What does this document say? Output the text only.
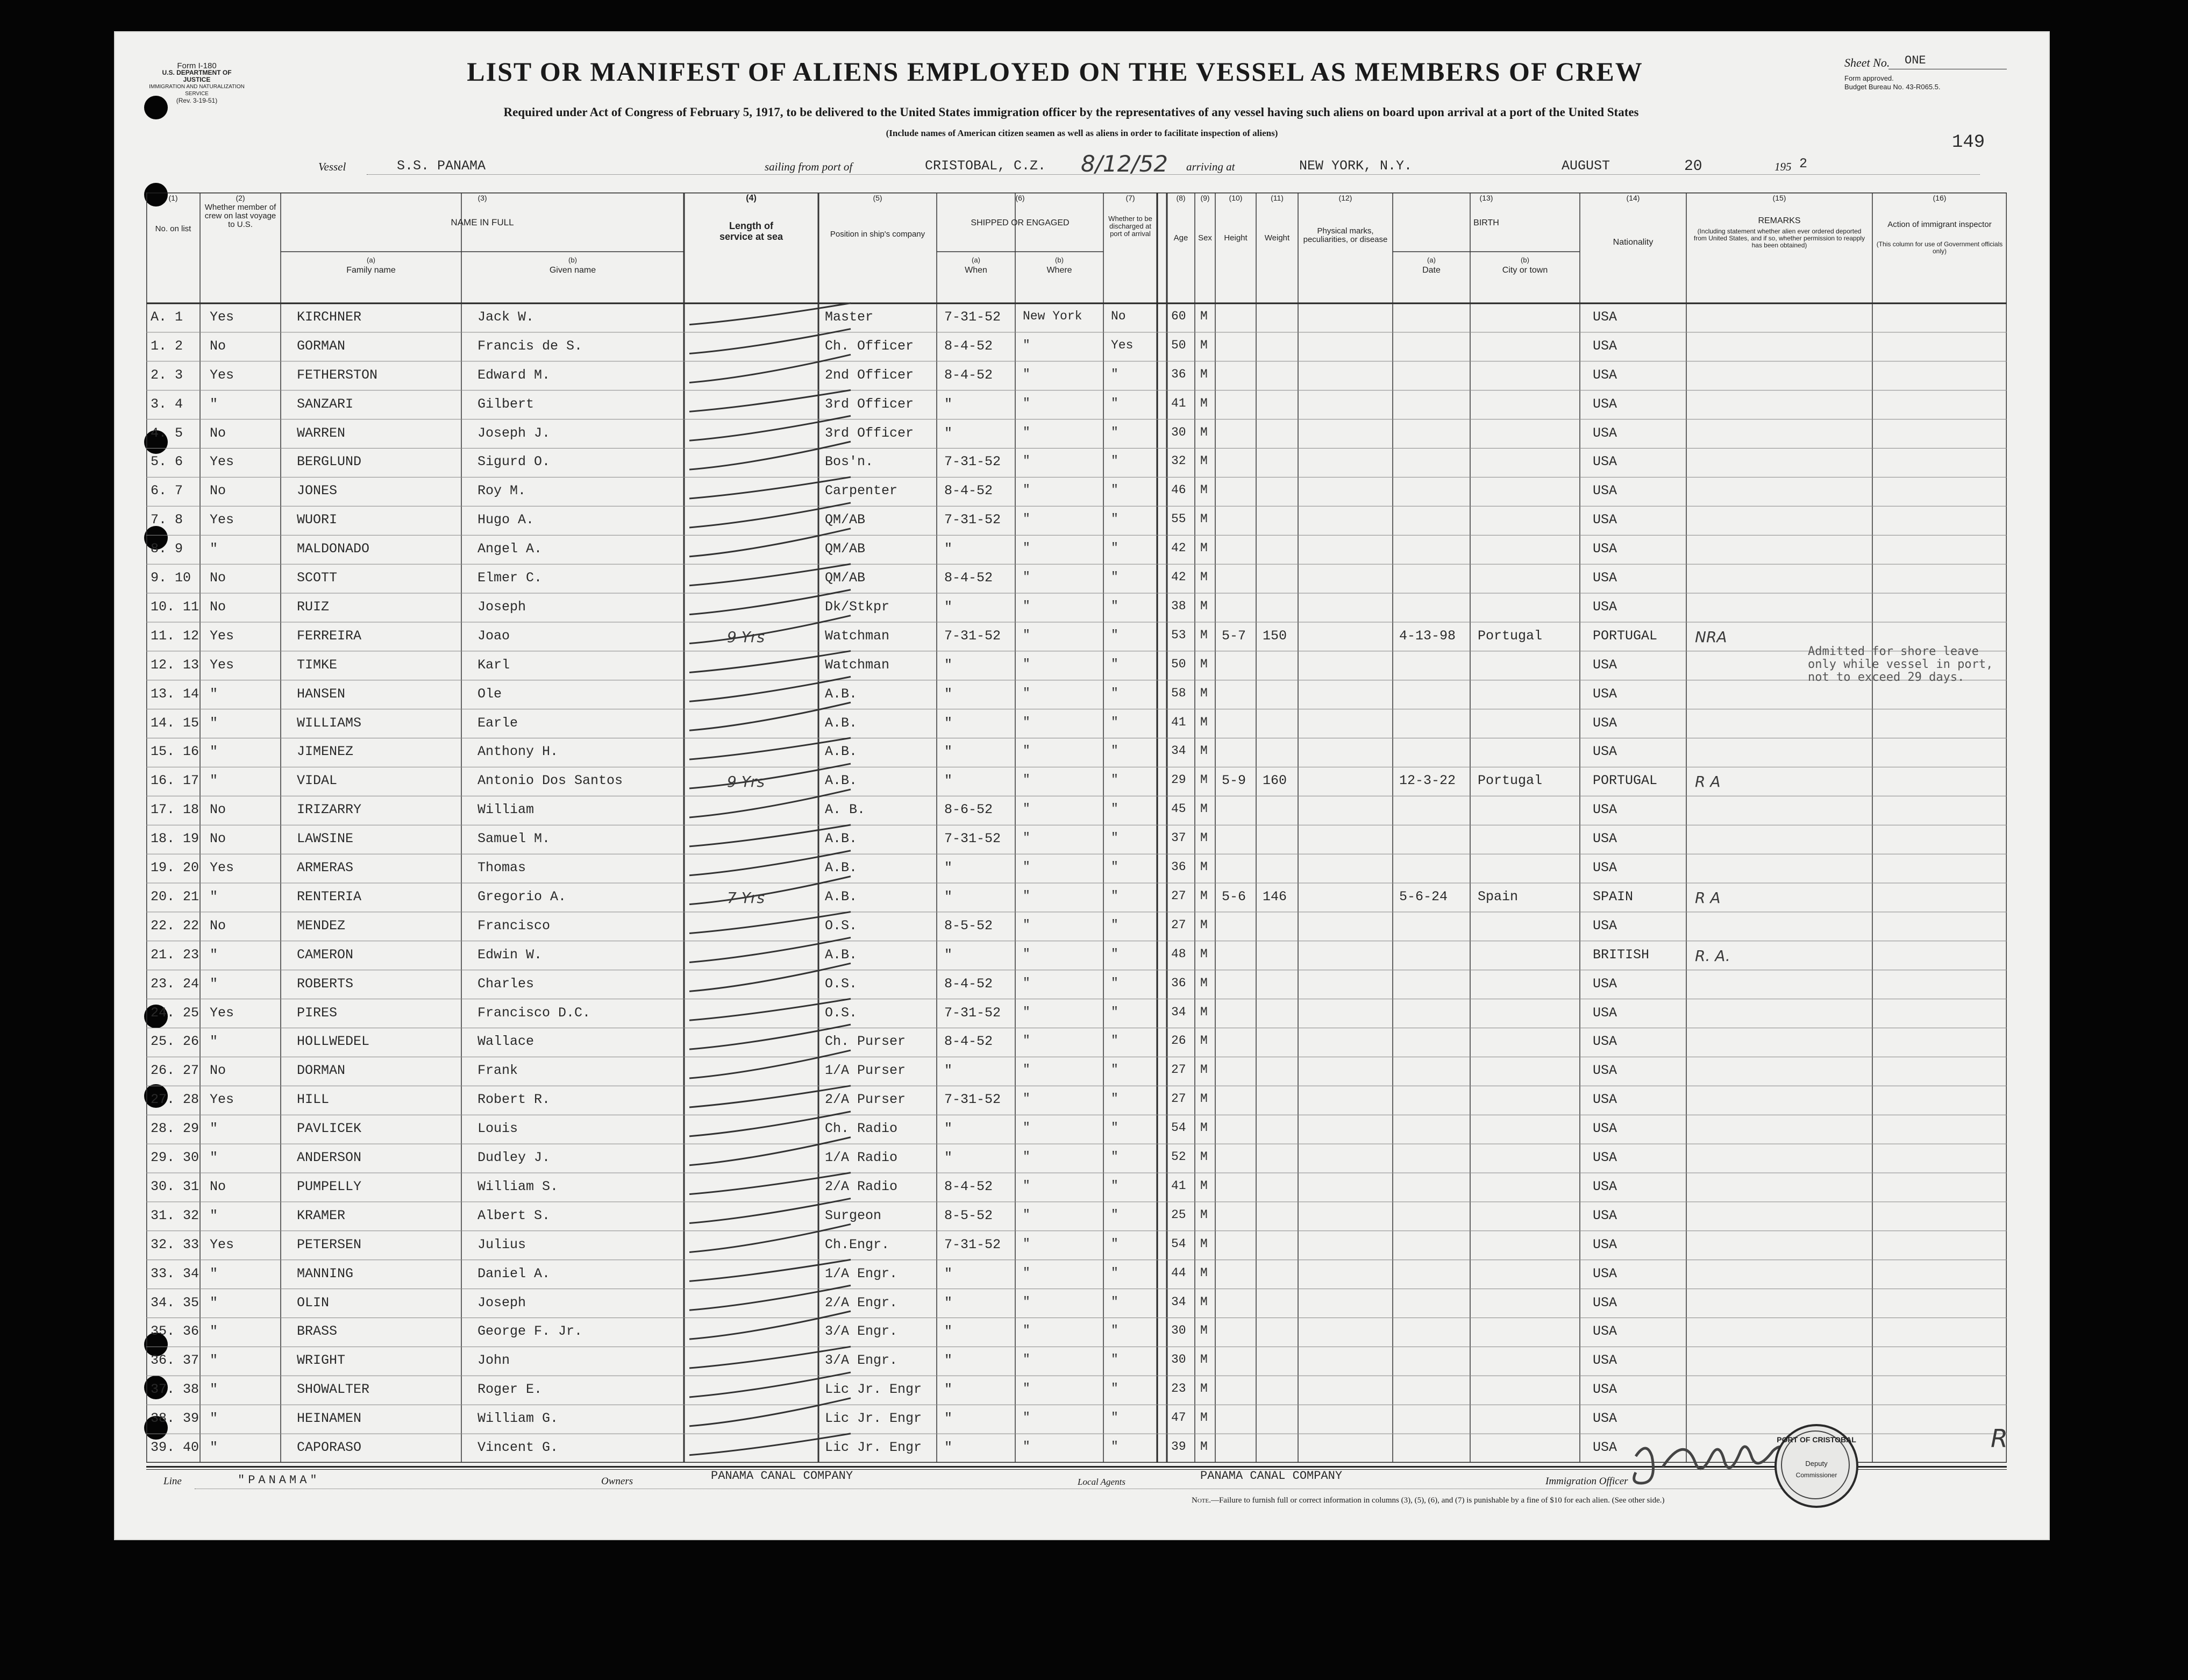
Form I-180
U.S. DEPARTMENT OF JUSTICE
IMMIGRATION AND NATURALIZATION SERVICE
(Rev. 3-19-51)
LIST OR MANIFEST OF ALIENS EMPLOYED ON THE VESSEL AS MEMBERS OF CREW
Required under Act of Congress of February 5, 1917, to be delivered to the United States immigration officer by the representatives of any vessel having such aliens on board upon arrival at a port of the United States
(Include names of American citizen seamen as well as aliens in order to facilitate inspection of aliens)
Sheet No. ONE
Form approved.
Budget Bureau No. 43-R065.5.
149
Vessel	S.S. PANAMA	sailing from port of	CRISTOBAL, C.Z. 8/12/52 arriving at	NEW YORK, N.Y.	AUGUST	20	195 2
(1)
No. on list
(2)
Whether member of crew on last voyage to U.S.
(3)
NAME IN FULL
(a)
Family name
(b)
Given name
(4)
Length of service at sea
(5)
Position in ship's company
(6)
SHIPPED OR ENGAGED
(a)
When
(b)
Where
(7)
Whether to be discharged at port of arrival
(8)
Age
(9)
Sex
(10)
Height
(11)
Weight
(12)
Physical marks, peculiarities, or disease
(13)
BIRTH
(a)
Date
(b)
City or town
(14)
Nationality
(15)
REMARKS
(Including statement whether alien ever ordered deported from United States, and if so, whether permission to reapply has been obtained)
(16)
Action of immigrant inspector
(This column for use of Government officials only)
A. 1 Yes	KIRCHNER	Jack W.	Master	7-31-52 New York No	60 M	USA
1. 2 No	GORMAN	Francis de S.	Ch. Officer 8-4-52 "	Yes	50 M	USA
2. 3 Yes	FETHERSTON	Edward M.	2nd Officer 8-4-52 "	"	36 M	USA
3. 4 "	SANZARI	Gilbert	3rd Officer "	"	"	41 M	USA
4. 5 No	WARREN	Joseph J.	3rd Officer "	"	"	30 M	USA
5. 6 Yes	BERGLUND	Sigurd O.	Bos'n.	7-31-52 "	"	32 M	USA
6. 7 No	JONES	Roy M.	Carpenter	8-4-52 "	"	46 M	USA
7. 8 Yes	WUORI	Hugo A.	QM/AB	7-31-52 "	"	55 M	USA
8. 9 "	MALDONADO	Angel A.	QM/AB	"	"	"	42 M	USA
9. 10 No	SCOTT	Elmer C.	QM/AB	8-4-52 "	"	42 M	USA
10. 11 No	RUIZ	Joseph	Dk/Stkpr	"	"	"	38 M	USA
11. 12 Yes	FERREIRA	Joao	9 Yrs	Watchman	7-31-52 "	"	53 M 5-7 150	4-13-98 Portugal	PORTUGAL NRA
12. 13 Yes	TIMKE	Karl	Watchman	"	"	"	50 M	USA
13. 14 "	HANSEN	Ole	A.B.	"	"	"	58 M	USA
14. 15 "	WILLIAMS	Earle	A.B.	"	"	"	41 M	USA
15. 16 "	JIMENEZ	Anthony H.	A.B.	"	"	"	34 M	USA
16. 17 "	VIDAL	Antonio Dos Santos	9 Yrs	A.B.	"	"	"	29 M 5-9 160	12-3-22 Portugal	PORTUGAL R A
17. 18 No	IRIZARRY	William	A. B.	8-6-52 "	"	45 M	USA
18. 19 No	LAWSINE	Samuel M.	A.B.	7-31-52 "	"	37 M	USA
19. 20 Yes	ARMERAS	Thomas	A.B.	"	"	"	36 M	USA
20. 21 "	RENTERIA	Gregorio A.	7 Yrs	A.B.	"	"	"	27 M 5-6 146	5-6-24 Spain	SPAIN	R A
22. 22 No	MENDEZ	Francisco	O.S.	8-5-52 "	"	27 M	USA
21. 23 "	CAMERON	Edwin W.	A.B.	"	"	"	48 M	BRITISH	R. A.
23. 24 "	ROBERTS	Charles	O.S.	8-4-52 "	"	36 M	USA
24. 25 Yes	PIRES	Francisco D.C.	O.S.	7-31-52 "	"	34 M	USA
25. 26 "	HOLLWEDEL	Wallace	Ch. Purser	8-4-52 "	"	26 M	USA
26. 27 No	DORMAN	Frank	1/A Purser	"	"	"	27 M	USA
27. 28 Yes	HILL	Robert R.	2/A Purser	7-31-52 "	"	27 M	USA
28. 29 "	PAVLICEK	Louis	Ch. Radio	"	"	"	54 M	USA
29. 30 "	ANDERSON	Dudley J.	1/A Radio	"	"	"	52 M	USA
30. 31 No	PUMPELLY	William S.	2/A Radio	8-4-52 "	"	41 M	USA
31. 32 "	KRAMER	Albert S.	Surgeon	8-5-52 "	"	25 M	USA
32. 33 Yes	PETERSEN	Julius	Ch.Engr.	7-31-52 "	"	54 M	USA
33. 34 "	MANNING	Daniel A.	1/A Engr.	"	"	"	44 M	USA
34. 35 "	OLIN	Joseph	2/A Engr.	"	"	"	34 M	USA
35. 36 "	BRASS	George F. Jr.	3/A Engr.	"	"	"	30 M	USA
36. 37 "	WRIGHT	John	3/A Engr.	"	"	"	30 M	USA
37. 38 "	SHOWALTER	Roger E.	Lic Jr. Engr "	"	"	23 M	USA
38. 39 "	HEINAMEN	William G.	Lic Jr. Engr "	"	"	47 M	USA
39. 40 "	CAPORASO	Vincent G.	Lic Jr. Engr "	"	"	39 M	USA
Admitted for shore leave only while vessel in port, not to exceed 29 days.
Line	"PANAMA"	Owners	PANAMA CANAL COMPANY	Local Agents	PANAMA CANAL COMPANY	Immigration Officer
Note.—Failure to furnish full or correct information in columns (3), (5), (6), and (7) is punishable by a fine of $10 for each alien. (See other side.)
PORT OF CRISTOBAL
Deputy
Commissioner
R
